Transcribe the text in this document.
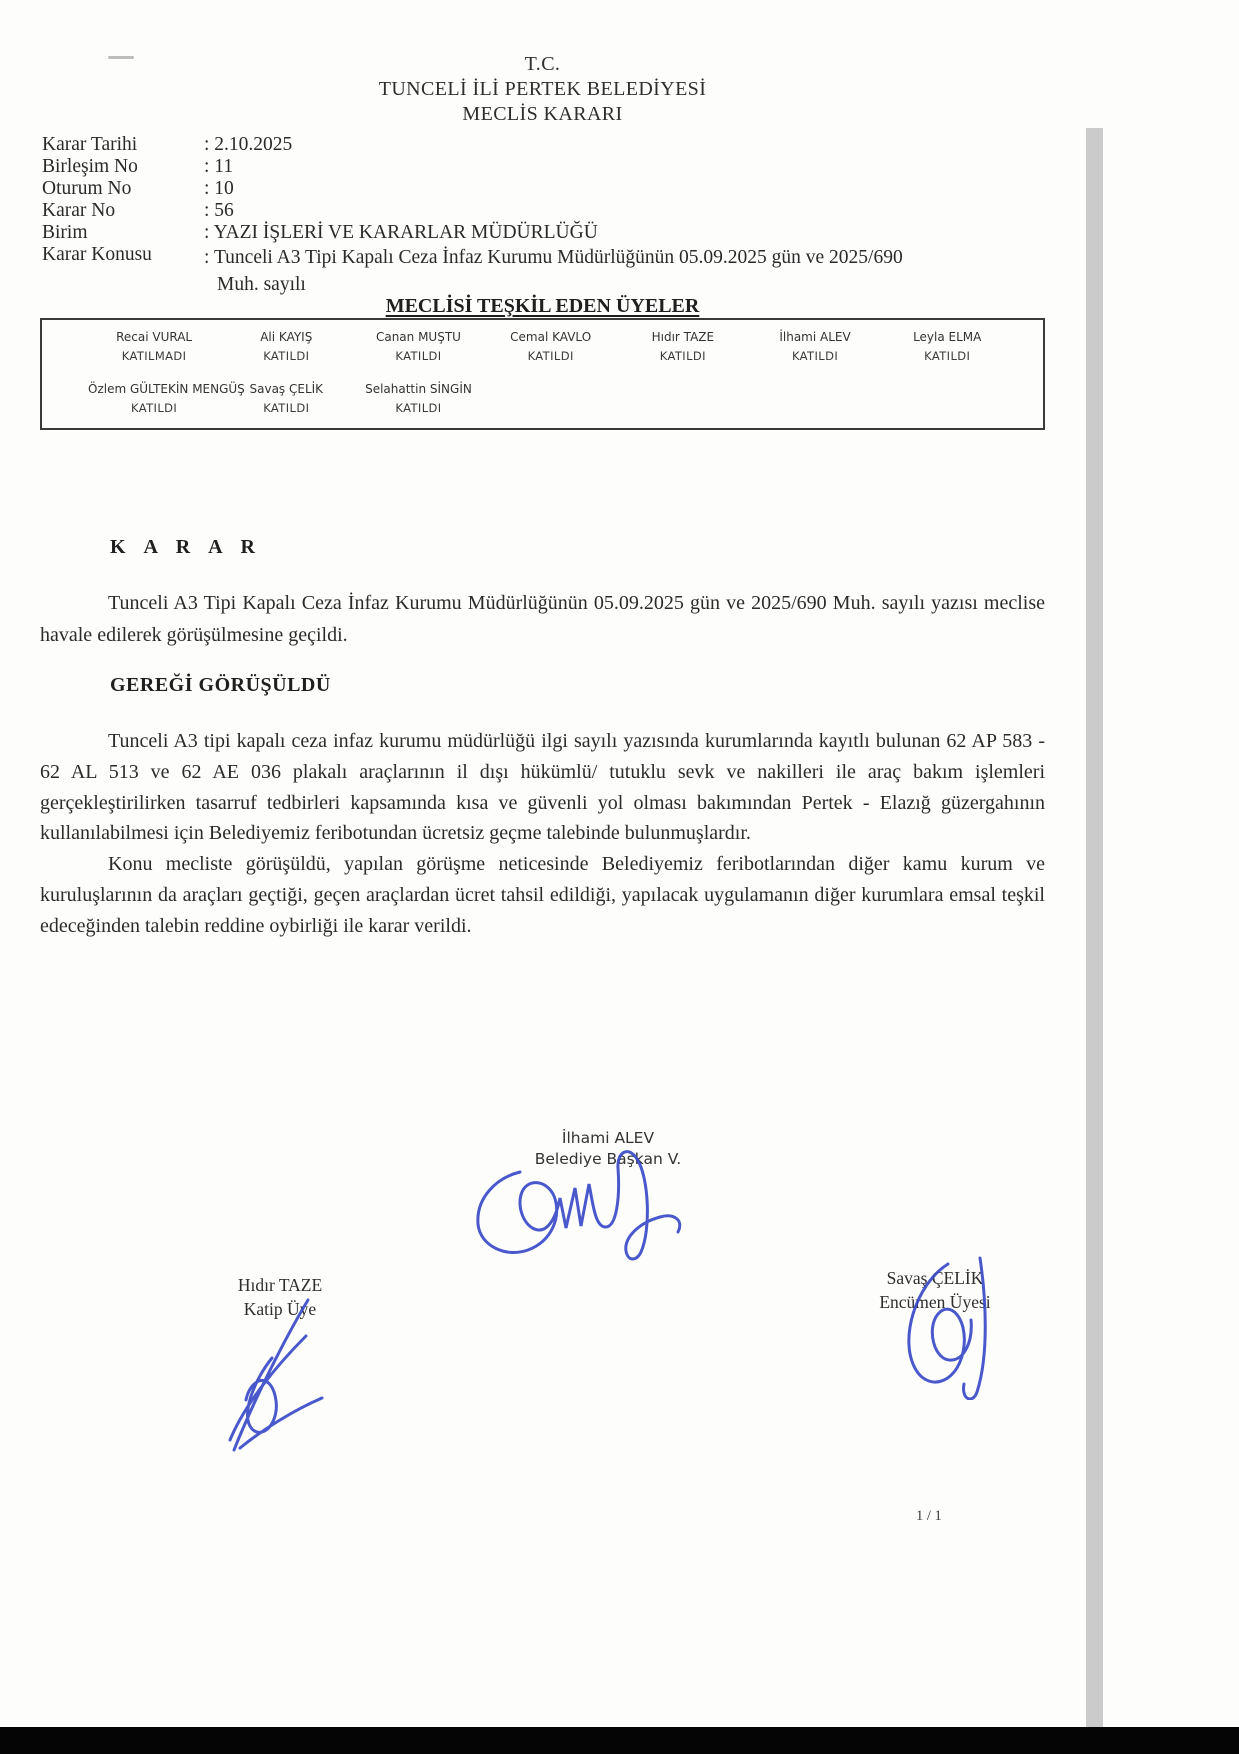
T.C.
TUNCELİ İLİ PERTEK BELEDİYESİ
MECLİS KARARI
Karar Tarihi	: 2.10.2025
Birleşim No	: 11
Oturum No	: 10
Karar No	: 56
Birim	: YAZI İŞLERİ VE KARARLAR MÜDÜRLÜĞÜ
Karar Konusu	: Tunceli A3 Tipi Kapalı Ceza İnfaz Kurumu Müdürlüğünün 05.09.2025 gün ve 2025/690
Muh. sayılı
MECLİSİ TEŞKİL EDEN ÜYELER
Recai VURAL
KATILMADI
Ali KAYIŞ
KATILDI
Canan MUŞTU
KATILDI
Cemal KAVLO
KATILDI
Hıdır TAZE
KATILDI
İlhami ALEV
KATILDI
Leyla ELMA
KATILDI
Özlem GÜLTEKİN MENGÜŞ
KATILDI
Savaş ÇELİK
KATILDI
Selahattin SİNGİN
KATILDI
K A R A R
Tunceli A3 Tipi Kapalı Ceza İnfaz Kurumu Müdürlüğünün 05.09.2025 gün ve 2025/690 Muh. sayılı yazısı meclise havale edilerek görüşülmesine geçildi.
GEREĞİ GÖRÜŞÜLDÜ

Tunceli A3 tipi kapalı ceza infaz kurumu müdürlüğü ilgi sayılı yazısında kurumlarında kayıtlı bulunan 62 AP 583 - 62 AL 513 ve 62 AE 036 plakalı araçlarının il dışı hükümlü/ tutuklu sevk ve nakilleri ile araç bakım işlemleri gerçekleştirilirken tasarruf tedbirleri kapsamında kısa ve güvenli yol olması bakımından Pertek - Elazığ güzergahının kullanılabilmesi için Belediyemiz feribotundan ücretsiz geçme talebinde bulunmuşlardır.

Konu mecliste görüşüldü, yapılan görüşme neticesinde Belediyemiz feribotlarından diğer kamu kurum ve kuruluşlarının da araçları geçtiği, geçen araçlardan ücret tahsil edildiği, yapılacak uygulamanın diğer kurumlara emsal teşkil edeceğinden talebin reddine oybirliği ile karar verildi.

İlhami ALEV
Belediye Başkan V.
Hıdır TAZE
Katip Üye
Savaş ÇELİK
Encümen Üyesi
1 / 1
